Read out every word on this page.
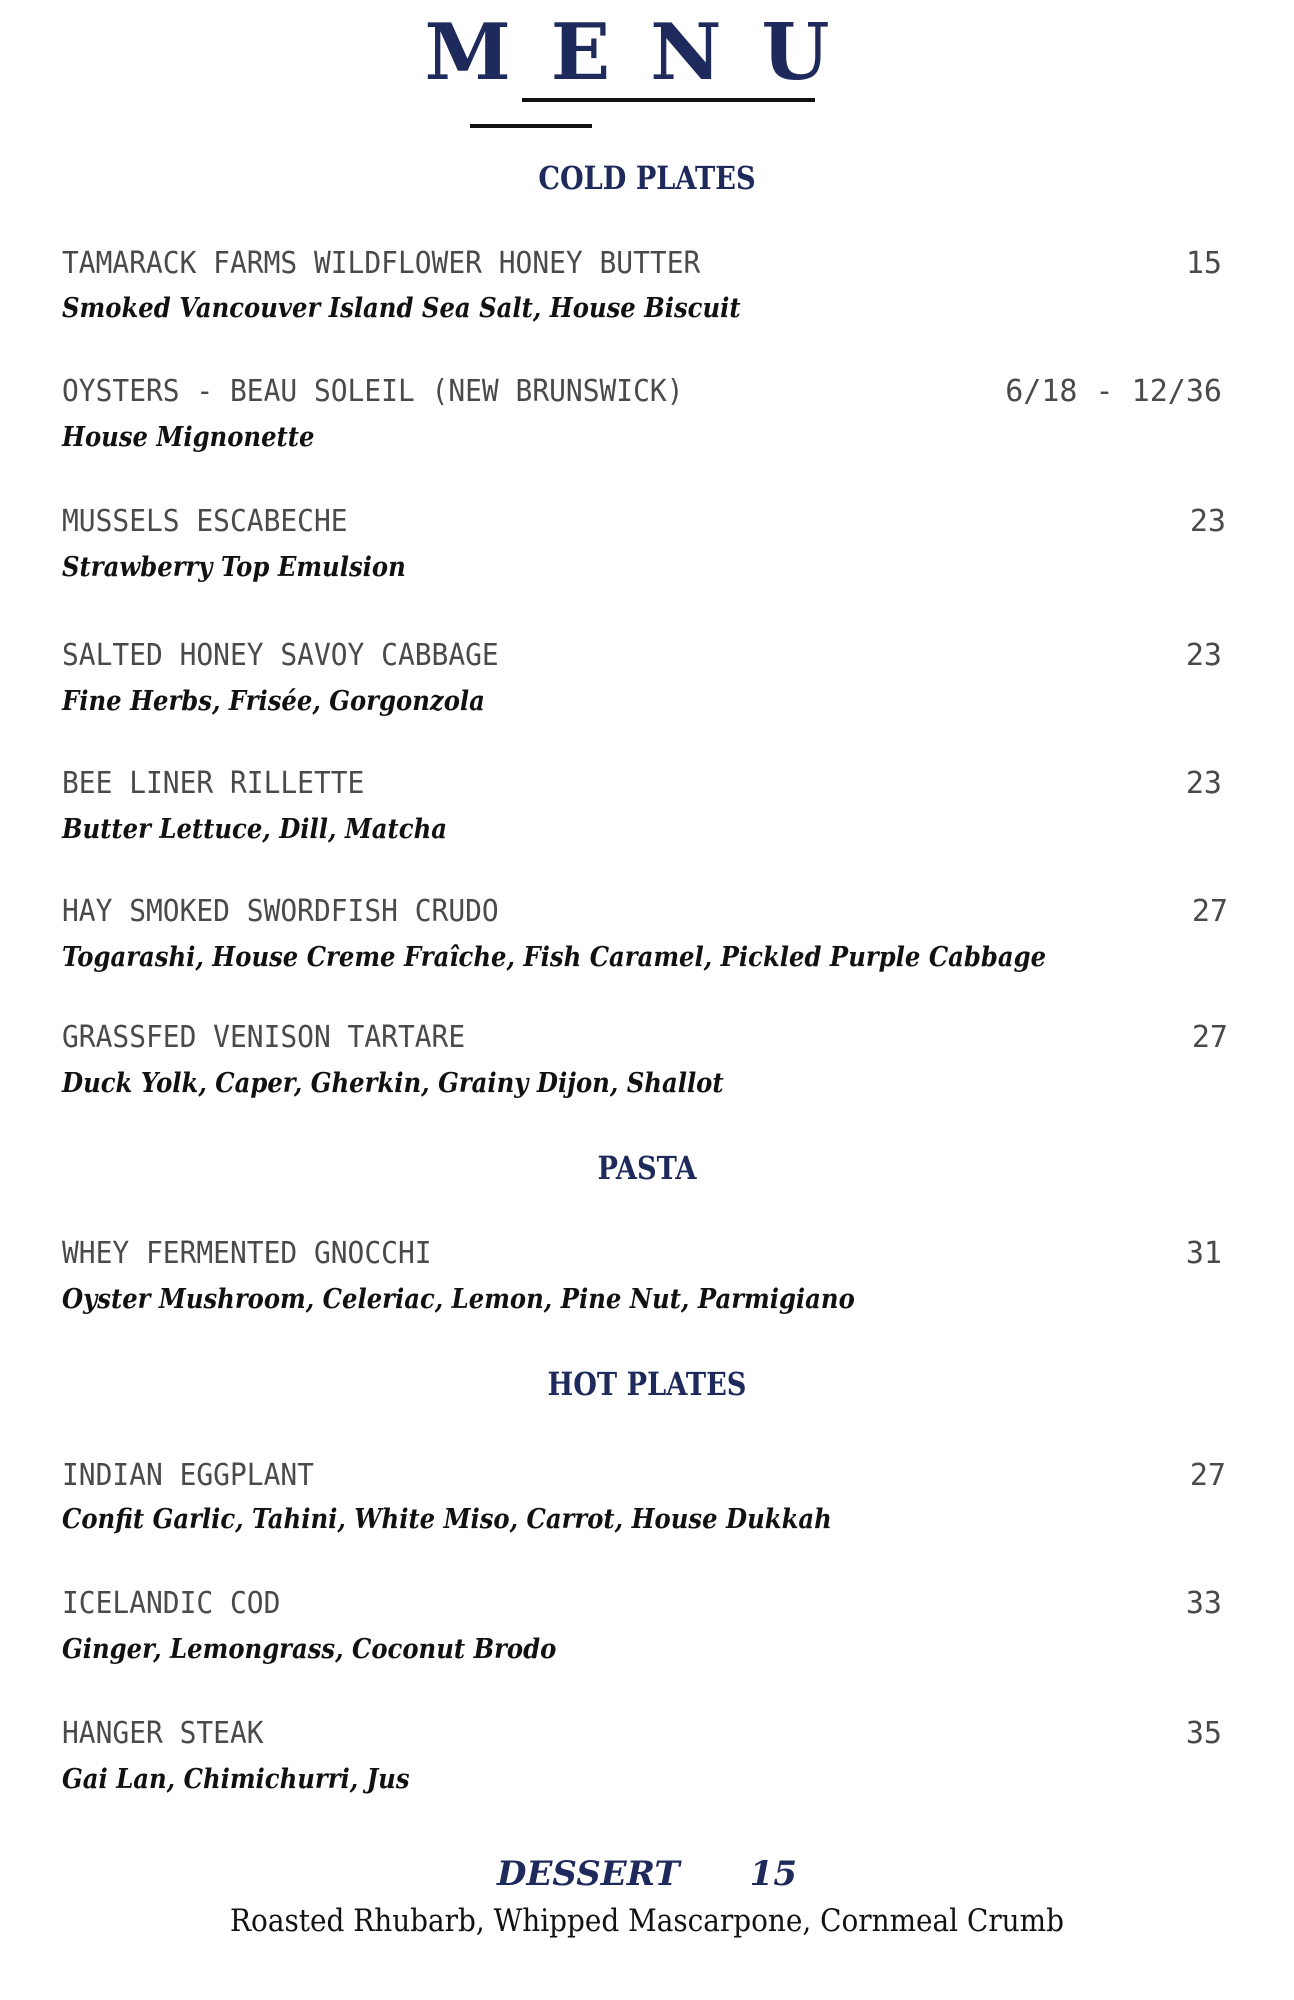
MENU
COLD PLATES
TAMARACK FARMS WILDFLOWER HONEY BUTTER	15
Smoked Vancouver Island Sea Salt, House Biscuit
OYSTERS - BEAU SOLEIL (NEW BRUNSWICK)	6/18 - 12/36
House Mignonette
MUSSELS ESCABECHE	23
Strawberry Top Emulsion
SALTED HONEY SAVOY CABBAGE	23
Fine Herbs, Frisée, Gorgonzola
BEE LINER RILLETTE	23
Butter Lettuce, Dill, Matcha
HAY SMOKED SWORDFISH CRUDO	27
Togarashi, House Creme Fraîche, Fish Caramel, Pickled Purple Cabbage
GRASSFED VENISON TARTARE	27
Duck Yolk, Caper, Gherkin, Grainy Dijon, Shallot
PASTA
WHEY FERMENTED GNOCCHI	31
Oyster Mushroom, Celeriac, Lemon, Pine Nut, Parmigiano
HOT PLATES
INDIAN EGGPLANT	27
Confit Garlic, Tahini, White Miso, Carrot, House Dukkah
ICELANDIC COD	33
Ginger, Lemongrass, Coconut Brodo
HANGER STEAK	35
Gai Lan, Chimichurri, Jus
DESSERT 15
Roasted Rhubarb, Whipped Mascarpone, Cornmeal Crumb
